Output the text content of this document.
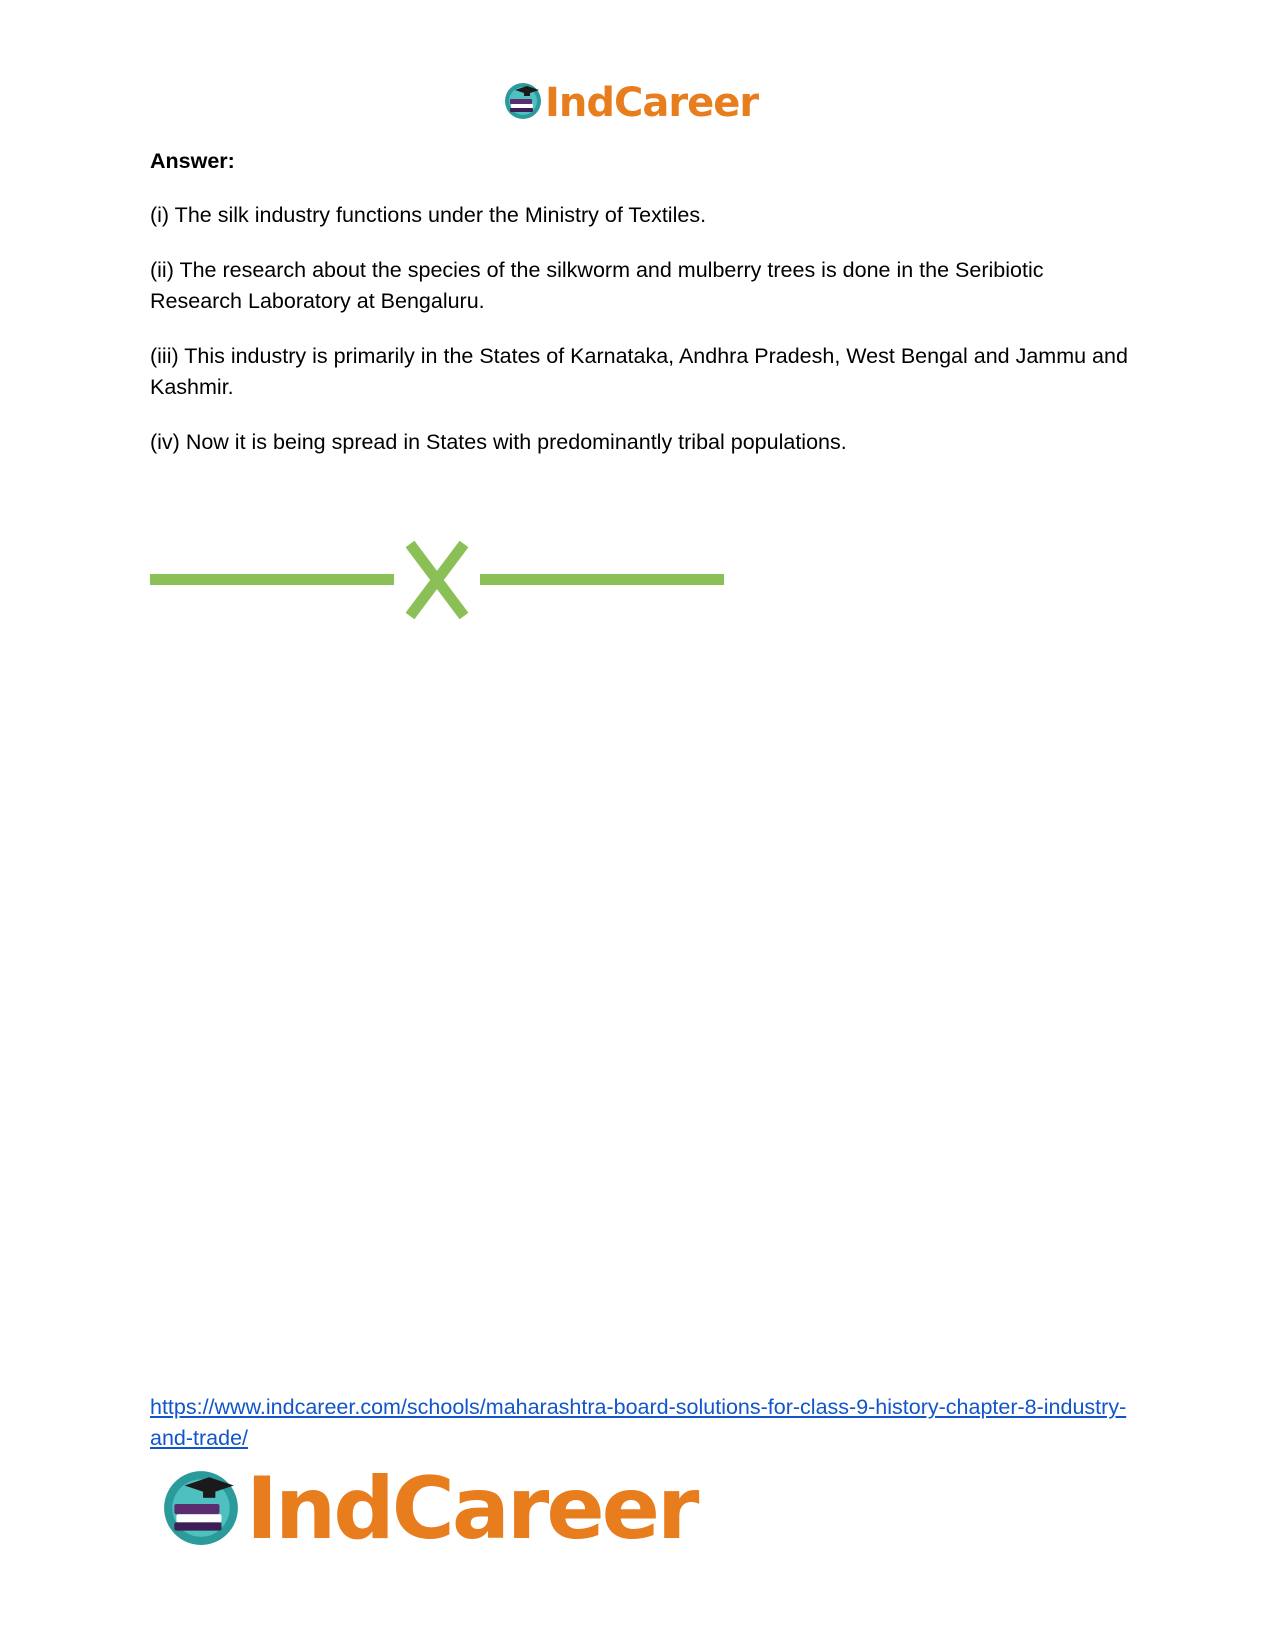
IndCareer

Answer:

(i) The silk industry functions under the Ministry of Textiles.

(ii) The research about the species of the silkworm and mulberry trees is done in the Seribiotic Research Laboratory at Bengaluru.

(iii) This industry is primarily in the States of Karnataka, Andhra Pradesh, West Bengal and Jammu and Kashmir.

(iv) Now it is being spread in States with predominantly tribal populations.

https://www.indcareer.com/schools/maharashtra-board-solutions-for-class-9-history-chapter-8-industry-and-trade/
IndCareer
